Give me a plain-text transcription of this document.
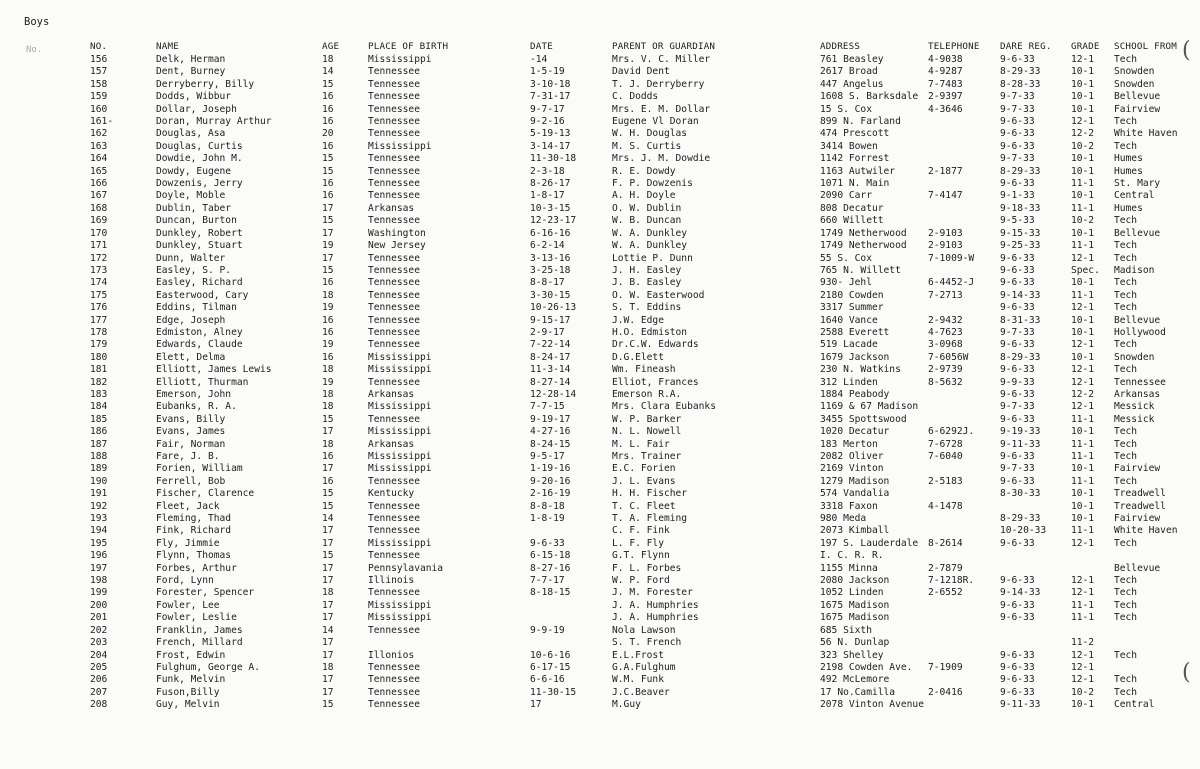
Boys
No.	NO.	NAME	AGE	PLACE OF BIRTH	DATE	PARENT OR GUARDIAN	ADDRESS	TELEPHONE	DARE REG.	GRADE	SCHOOL FROM
156	Delk, Herman	18	Mississippi	-14	Mrs. V. C. Miller	761 Beasley	4-9038	9-6-33	12-1	Tech
157	Dent, Burney	14	Tennessee	1-5-19	David Dent	2617 Broad	4-9287	8-29-33	10-1	Snowden
158	Derryberry, Billy	15	Tennessee	3-10-18	T. J. Derryberry	447 Angelus	7-7483	8-28-33	10-1	Snowden
159	Dodds, Wibbur	16	Tennessee	7-31-17	C. Dodds	1608 S. Barksdale	2-9397	9-7-33	10-1	Bellevue
160	Dollar, Joseph	16	Tennessee	9-7-17	Mrs. E. M. Dollar	15 S. Cox	4-3646	9-7-33	10-1	Fairview
161-	Doran, Murray Arthur	16	Tennessee	9-2-16	Eugene Vl Doran	899 N. Farland		9-6-33	12-1	Tech
162	Douglas, Asa	20	Tennessee	5-19-13	W. H. Douglas	474 Prescott		9-6-33	12-2	White Haven
163	Douglas, Curtis	16	Mississippi	3-14-17	M. S. Curtis	3414 Bowen		9-6-33	10-2	Tech
164	Dowdie, John M.	15	Tennessee	11-30-18	Mrs. J. M. Dowdie	1142 Forrest		9-7-33	10-1	Humes
165	Dowdy, Eugene	15	Tennessee	2-3-18	R. E. Dowdy	1163 Autwiler	2-1877	8-29-33	10-1	Humes
166	Dowzenis, Jerry	16	Tennessee	8-26-17	F. P. Dowzenis	1071 N. Main		9-6-33	11-1	St. Mary
167	Doyle, Moble	16	Tennessee	1-8-17	A. H. Doyle	2090 Carr	7-4147	9-1-33	10-1	Central
168	Dublin, Taber	17	Arkansas	10-3-15	O. W. Dublin	808 Decatur		9-18-33	11-1	Humes
169	Duncan, Burton	15	Tennessee	12-23-17	W. B. Duncan	660 Willett		9-5-33	10-2	Tech
170	Dunkley, Robert	17	Washington	6-16-16	W. A. Dunkley	1749 Netherwood	2-9103	9-15-33	10-1	Bellevue
171	Dunkley, Stuart	19	New Jersey	6-2-14	W. A. Dunkley	1749 Netherwood	2-9103	9-25-33	11-1	Tech
172	Dunn, Walter	17	Tennessee	3-13-16	Lottie P. Dunn	55 S. Cox	7-1009-W	9-6-33	12-1	Tech
173	Easley, S. P.	15	Tennessee	3-25-18	J. H. Easley	765 N. Willett		9-6-33	Spec.	Madison
174	Easley, Richard	16	Tennessee	8-8-17	J. B. Easley	930- Jehl	6-4452-J	9-6-33	10-1	Tech
175	Easterwood, Cary	18	Tennessee	3-30-15	O. W. Easterwood	2180 Cowden	7-2713	9-14-33	11-1	Tech
176	Eddins, Tilman	19	Tennessee	10-26-13	S. T. Eddins	3317 Summer		9-6-33	12-1	Tech
177	Edge, Joseph	16	Tennessee	9-15-17	J.W. Edge	1640 Vance	2-9432	8-31-33	10-1	Bellevue
178	Edmiston, Alney	16	Tennessee	2-9-17	H.O. Edmiston	2588 Everett	4-7623	9-7-33	10-1	Hollywood
179	Edwards, Claude	19	Tennessee	7-22-14	Dr.C.W. Edwards	519 Lacade	3-0968	9-6-33	12-1	Tech
180	Elett, Delma	16	Mississippi	8-24-17	D.G.Elett	1679 Jackson	7-6056W	8-29-33	10-1	Snowden
181	Elliott, James Lewis	18	Mississippi	11-3-14	Wm. Fineash	230 N. Watkins	2-9739	9-6-33	12-1	Tech
182	Elliott, Thurman	19	Tennessee	8-27-14	Elliot, Frances	312 Linden	8-5632	9-9-33	12-1	Tennessee
183	Emerson, John	18	Arkansas	12-28-14	Emerson R.A.	1884 Peabody		9-6-33	12-2	Arkansas
184	Eubanks, R. A.	18	Mississippi	7-7-15	Mrs. Clara Eubanks	1169 & 67 Madison		9-7-33	12-1	Messick
185	Evans, Billy	15	Tennessee	9-19-17	W. P. Barker	3455 Spottswood		9-6-33	11-1	Messick
186	Evans, James	17	Mississippi	4-27-16	N. L. Nowell	1020 Decatur	6-6292J.	9-19-33	10-1	Tech
187	Fair, Norman	18	Arkansas	8-24-15	M. L. Fair	183 Merton	7-6728	9-11-33	11-1	Tech
188	Fare, J. B.	16	Mississippi	9-5-17	Mrs. Trainer	2082 Oliver	7-6040	9-6-33	11-1	Tech
189	Forien, William	17	Mississippi	1-19-16	E.C. Forien	2169 Vinton		9-7-33	10-1	Fairview
190	Ferrell, Bob	16	Tennessee	9-20-16	J. L. Evans	1279 Madison	2-5183	9-6-33	11-1	Tech
191	Fischer, Clarence	15	Kentucky	2-16-19	H. H. Fischer	574 Vandalia		8-30-33	10-1	Treadwell
192	Fleet, Jack	15	Tennessee	8-8-18	T. C. Fleet	3318 Faxon	4-1478		10-1	Treadwell
193	Fleming, Thad	14	Tennessee	1-8-19	T. A. Fleming	980 Meda		8-29-33	10-1	Fairview
194	Fink, Richard	17	Tennessee		C. F. Fink	2073 Kimball		10-20-33	11-1	White Haven
195	Fly, Jimmie	17	Mississippi	9-6-33	L. F. Fly	197 S. Lauderdale	8-2614	9-6-33	12-1	Tech
196	Flynn, Thomas	15	Tennessee	6-15-18	G.T. Flynn	I. C. R. R.				
197	Forbes, Arthur	17	Pennsylavania	8-27-16	F. L. Forbes	1155 Minna	2-7879			Bellevue
198	Ford, Lynn	17	Illinois	7-7-17	W. P. Ford	2080 Jackson	7-1218R.	9-6-33	12-1	Tech
199	Forester, Spencer	18	Tennessee	8-18-15	J. M. Forester	1052 Linden	2-6552	9-14-33	12-1	Tech
200	Fowler, Lee	17	Mississippi		J. A. Humphries	1675 Madison		9-6-33	11-1	Tech
201	Fowler, Leslie	17	Mississippi		J. A. Humphries	1675 Madison		9-6-33	11-1	Tech
202	Franklin, James	14	Tennessee	9-9-19	Nola Lawson	685 Sixth				
203	French, Millard	17			S. T. French	56 N. Dunlap			11-2	
204	Frost, Edwin	17	Illonios	10-6-16	E.L.Frost	323 Shelley		9-6-33	12-1	Tech
205	Fulghum, George A.	18	Tennessee	6-17-15	G.A.Fulghum	2198 Cowden Ave.	7-1909	9-6-33	12-1	
206	Funk, Melvin	17	Tennessee	6-6-16	W.M. Funk	492 McLemore		9-6-33	12-1	Tech
207	Fuson,Billy	17	Tennessee	11-30-15	J.C.Beaver	17 No.Camilla	2-0416	9-6-33	10-2	Tech
208	Guy, Melvin	15	Tennessee	17	M.Guy	2078 Vinton Avenue		9-11-33	10-1	Central
(
(
